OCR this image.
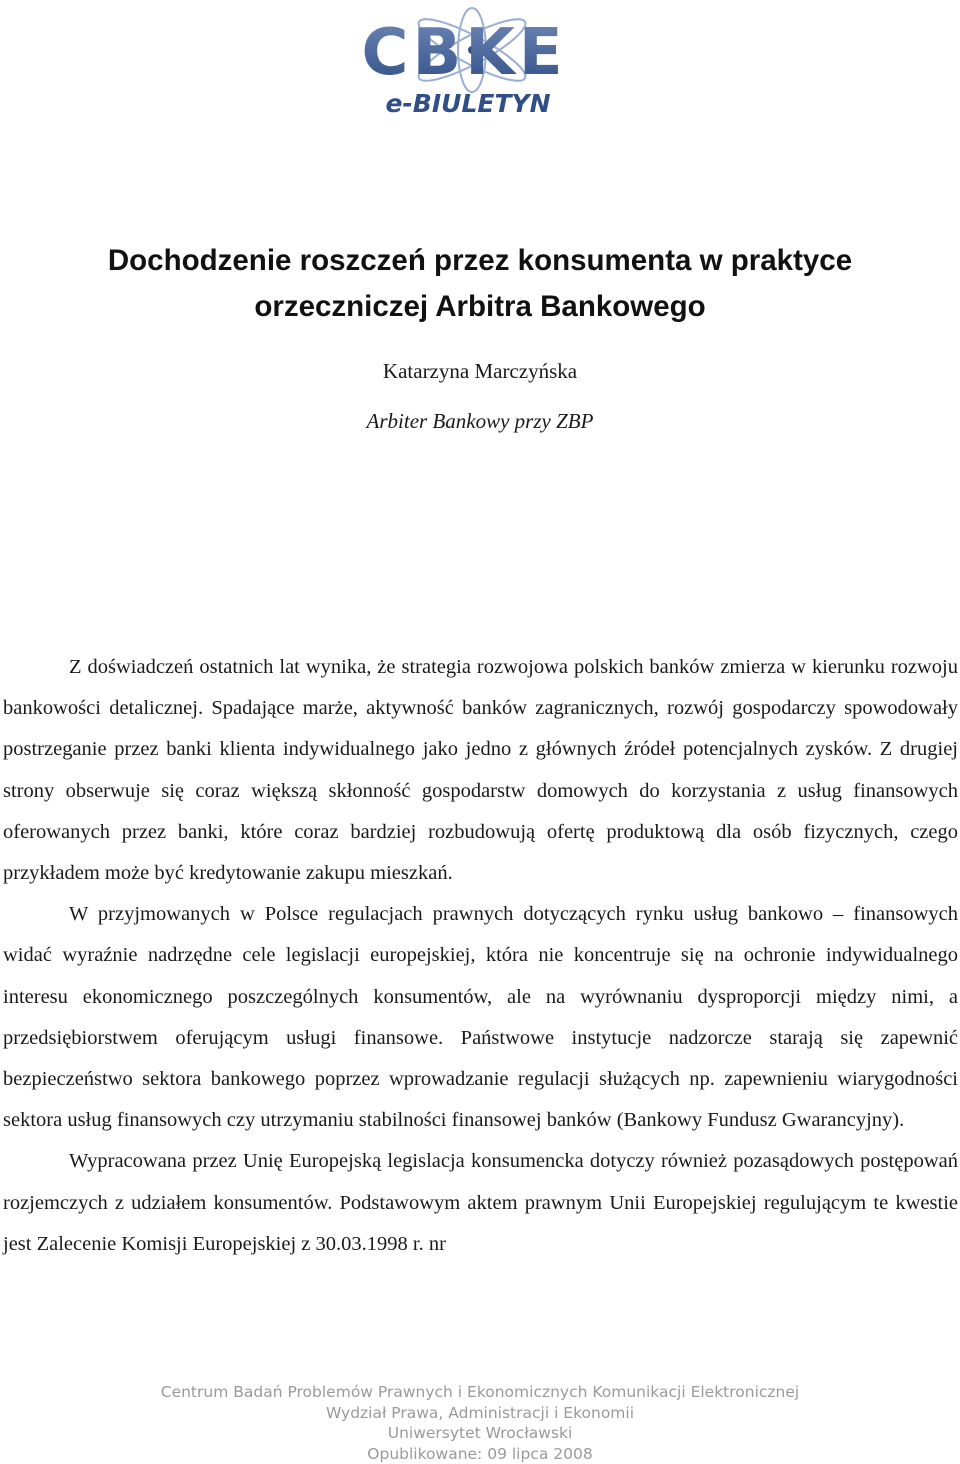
CBKE
e-BIULETYN
Dochodzenie roszczeń przez konsumenta w praktyce
orzeczniczej Arbitra Bankowego
Katarzyna Marczyńska
Arbiter Bankowy przy ZBP

Z doświadczeń ostatnich lat wynika, że strategia rozwojowa polskich banków zmierza w kierunku rozwoju bankowości detalicznej. Spadające marże, aktywność banków zagranicznych, rozwój gospodarczy spowodowały postrzeganie przez banki klienta indywidualnego jako jedno z głównych źródeł potencjalnych zysków. Z drugiej strony obserwuje się coraz większą skłonność gospodarstw domowych do korzystania z usług finansowych oferowanych przez banki, które coraz bardziej rozbudowują ofertę produktową dla osób fizycznych, czego przykładem może być kredytowanie zakupu mieszkań.

W przyjmowanych w Polsce regulacjach prawnych dotyczących rynku usług bankowo – finansowych widać wyraźnie nadrzędne cele legislacji europejskiej, która nie koncentruje się na ochronie indywidualnego interesu ekonomicznego poszczególnych konsumentów, ale na wyrównaniu dysproporcji między nimi, a przedsiębiorstwem oferującym usługi finansowe. Państwowe instytucje nadzorcze starają się zapewnić bezpieczeństwo sektora bankowego poprzez wprowadzanie regulacji służących np. zapewnieniu wiarygodności sektora usług finansowych czy utrzymaniu stabilności finansowej banków (Bankowy Fundusz Gwarancyjny).

Wypracowana przez Unię Europejską legislacja konsumencka dotyczy również pozasądowych postępowań rozjemczych z udziałem konsumentów. Podstawowym aktem prawnym Unii Europejskiej regulującym te kwestie jest Zalecenie Komisji Europejskiej z 30.03.1998 r. nr

Centrum Badań Problemów Prawnych i Ekonomicznych Komunikacji Elektronicznej
Wydział Prawa, Administracji i Ekonomii
Uniwersytet Wrocławski
Opublikowane: 09 lipca 2008
